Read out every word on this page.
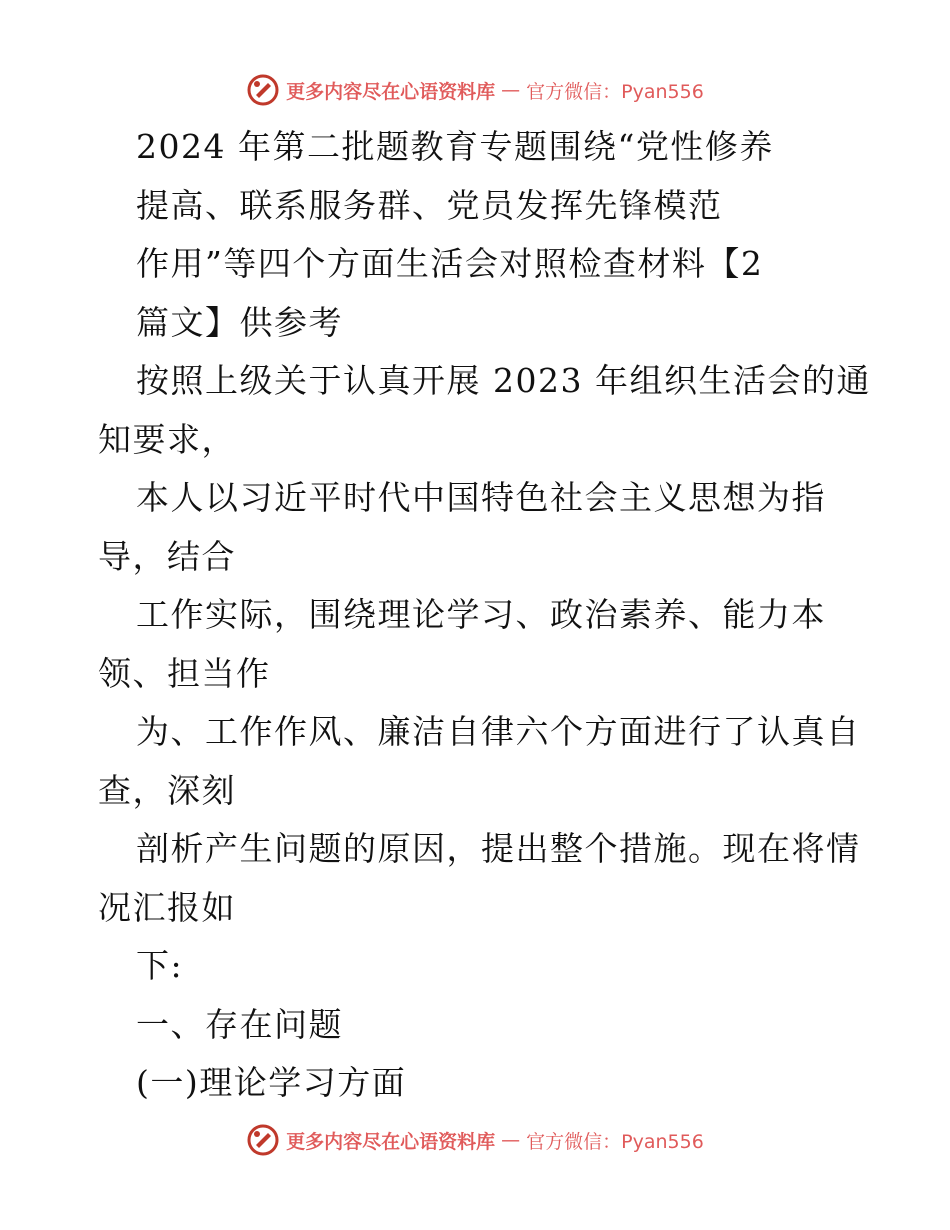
更多内容尽在心语资料库 — 官方微信：Pyan556
2024 年第二批题教育专题围绕“党性修养
提高、联系服务群、党员发挥先锋模范
作用”等四个方面生活会对照检查材料【2
篇文】供参考
按照上级关于认真开展 2023 年组织生活会的通
知要求，
本人以习近平时代中国特色社会主义思想为指
导，结合
工作实际，围绕理论学习、政治素养、能力本
领、担当作
为、工作作风、廉洁自律六个方面进行了认真自
查，深刻
剖析产生问题的原因，提出整个措施。现在将情
况汇报如
下:
一、存在问题
(一)理论学习方面
更多内容尽在心语资料库 — 官方微信：Pyan556
